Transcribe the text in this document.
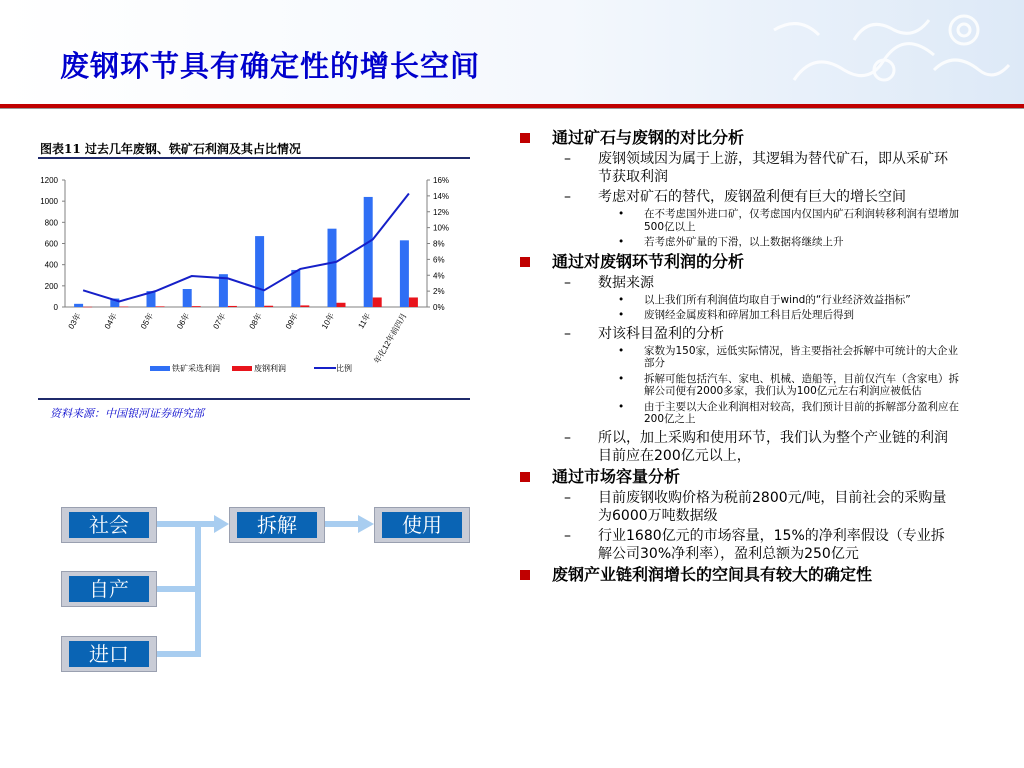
废钢环节具有确定性的增长空间
图表11 过去几年废钢、铁矿石利润及其占比情况
0
200
400
600
800
1000
1200
0%
2%
4%
6%
8%
10%
12%
14%
16%
03年 04年 05年 06年 07年 08年 09年 10年	11年 年化12年前四月
铁矿采选利润	废钢利润	比例
资料来源：中国银河证券研究部
社会
自产
进口
拆解	使用
通过矿石与废钢的对比分析
– 废钢领域因为属于上游，其逻辑为替代矿石，即从采矿环节获取利润
– 考虑对矿石的替代，废钢盈利便有巨大的增长空间
• 在不考虑国外进口矿，仅考虑国内仅国内矿石利润转移利润有望增加500亿以上
• 若考虑外矿量的下滑，以上数据将继续上升
通过对废钢环节利润的分析
– 数据来源
• 以上我们所有利润值均取自于wind的“行业经济效益指标”
• 废钢经金属废料和碎屑加工科目后处理后得到
– 对该科目盈利的分析
• 家数为150家，远低实际情况，皆主要指社会拆解中可统计的大企业部分
• 拆解可能包括汽车、家电、机械、造船等，目前仅汽车（含家电）拆解公司便有2000多家，我们认为100亿元左右利润应被低估
• 由于主要以大企业利润相对较高，我们预计目前的拆解部分盈利应在200亿之上
– 所以，加上采购和使用环节，我们认为整个产业链的利润目前应在200亿元以上，
通过市场容量分析
– 目前废钢收购价格为税前2800元/吨，目前社会的采购量为6000万吨数据级
– 行业1680亿元的市场容量，15%的净利率假设（专业拆解公司30%净利率），盈利总额为250亿元
废钢产业链利润增长的空间具有较大的确定性
